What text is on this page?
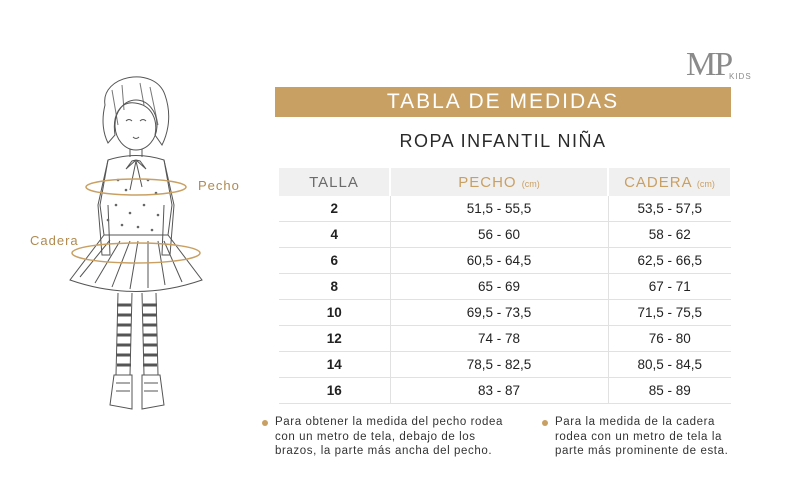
MP
KIDS
Pecho
Cadera
TABLA DE MEDIDAS
ROPA INFANTIL NIÑA
TALLA	PECHO (cm)	CADERA (cm)
2	51,5 - 55,5	53,5 - 57,5
4	56 - 60	58 - 62
6	60,5 - 64,5	62,5 - 66,5
8	65 - 69	67 - 71
10	69,5 - 73,5	71,5 - 75,5
12	74 - 78	76 - 80
14	78,5 - 82,5	80,5 - 84,5
16	83 - 87	85 - 89

Para obtener la medida del pecho rodea
con un metro de tela, debajo de los
brazos, la parte más ancha del pecho.

Para la medida de la cadera
rodea con un metro de tela la
parte más prominente de esta.
